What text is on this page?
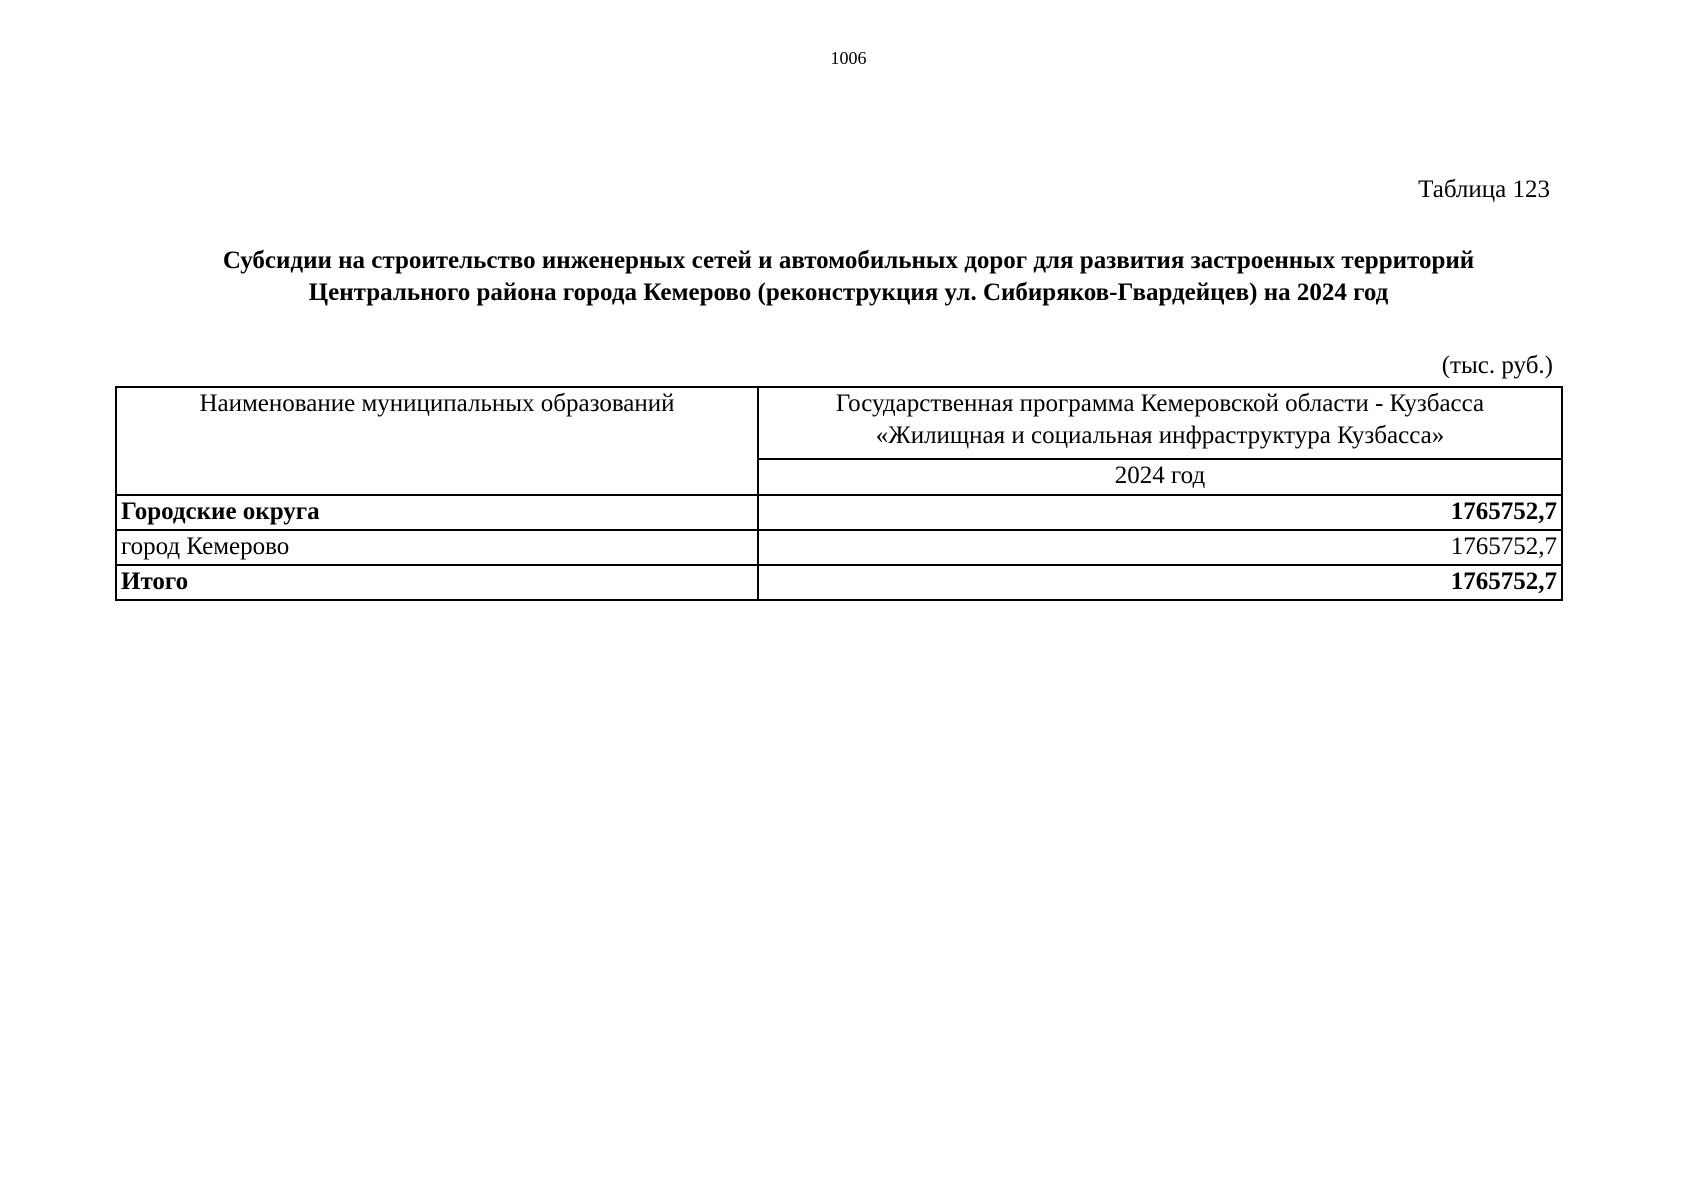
1006
Таблица 123
Субсидии на строительство инженерных сетей и автомобильных дорог для развития застроенных территорий
Центрального района города Кемерово (реконструкция ул. Сибиряков-Гвардейцев) на 2024 год
(тыс. руб.)
Наименование муниципальных образований	Государственная программа Кемеровской области - Кузбасса
«Жилищная и социальная инфраструктура Кузбасса»

	2024 год
Городские округа	1765752,7
город Кемерово	1765752,7
Итого	1765752,7
